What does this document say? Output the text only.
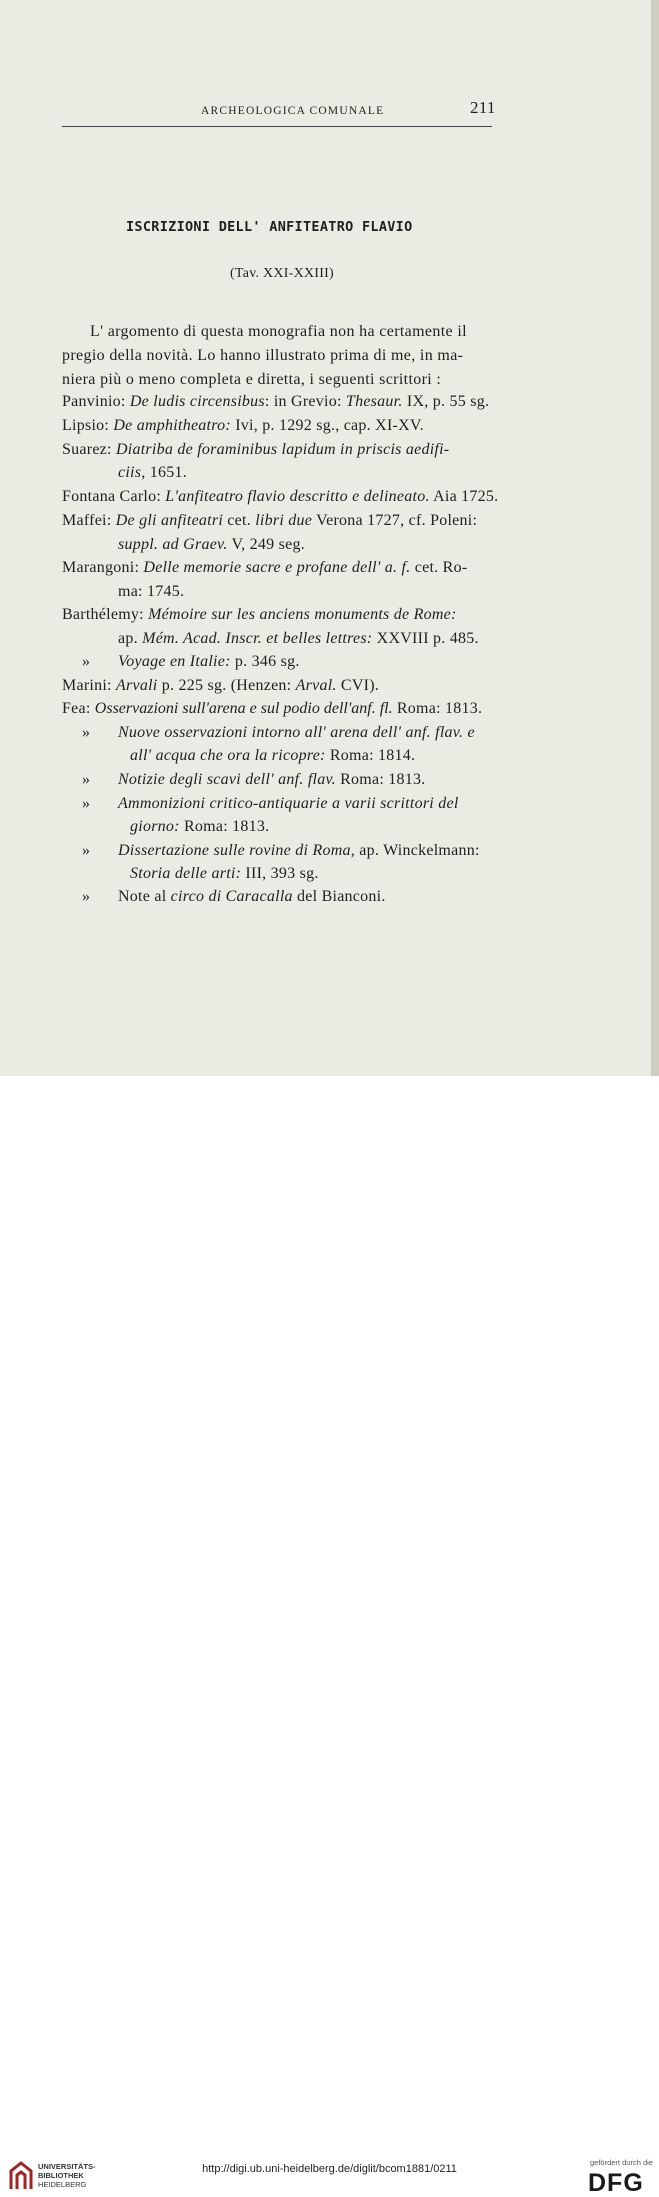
ARCHEOLOGICA COMUNALE	211
ISCRIZIONI DELL' ANFITEATRO FLAVIO
(Tav. XXI-XXIII)
L' argomento di questa monografia non ha certamente il
pregio della novità. Lo hanno illustrato prima di me, in ma-
niera più o meno completa e diretta, i seguenti scrittori :
Panvinio: De ludis circensibus: in Grevio: Thesaur. IX, p. 55 sg.
Lipsio: De amphitheatro: Ivi, p. 1292 sg., cap. XI-XV.
Suarez: Diatriba de foraminibus lapidum in priscis aedifi-
ciis, 1651.
Fontana Carlo: L'anfiteatro flavio descritto e delineato. Aia 1725.
Maffei: De gli anfiteatri cet. libri due Verona 1727, cf. Poleni:
suppl. ad Graev. V, 249 seg.
Marangoni: Delle memorie sacre e profane dell' a. f. cet. Ro-
ma: 1745.
Barthélemy: Mémoire sur les anciens monuments de Rome:
ap. Mém. Acad. Inscr. et belles lettres: XXVIII p. 485.
» Voyage en Italie: p. 346 sg.
Marini: Arvali p. 225 sg. (Henzen: Arval. CVI).
Fea: Osservazioni sull'arena e sul podio dell'anf. fl. Roma: 1813.
» Nuove osservazioni intorno all' arena dell' anf. flav. e
all' acqua che ora la ricopre: Roma: 1814.
» Notizie degli scavi dell' anf. flav. Roma: 1813.
» Ammonizioni critico-antiquarie a varii scrittori del
giorno: Roma: 1813.
» Dissertazione sulle rovine di Roma, ap. Winckelmann:
Storia delle arti: III, 393 sg.
» Note al circo di Caracalla del Bianconi.
UNIVERSITÄTS-
BIBLIOTHEK
HEIDELBERG
http://digi.ub.uni-heidelberg.de/diglit/bcom1881/0211
gefördert durch die
DFG
